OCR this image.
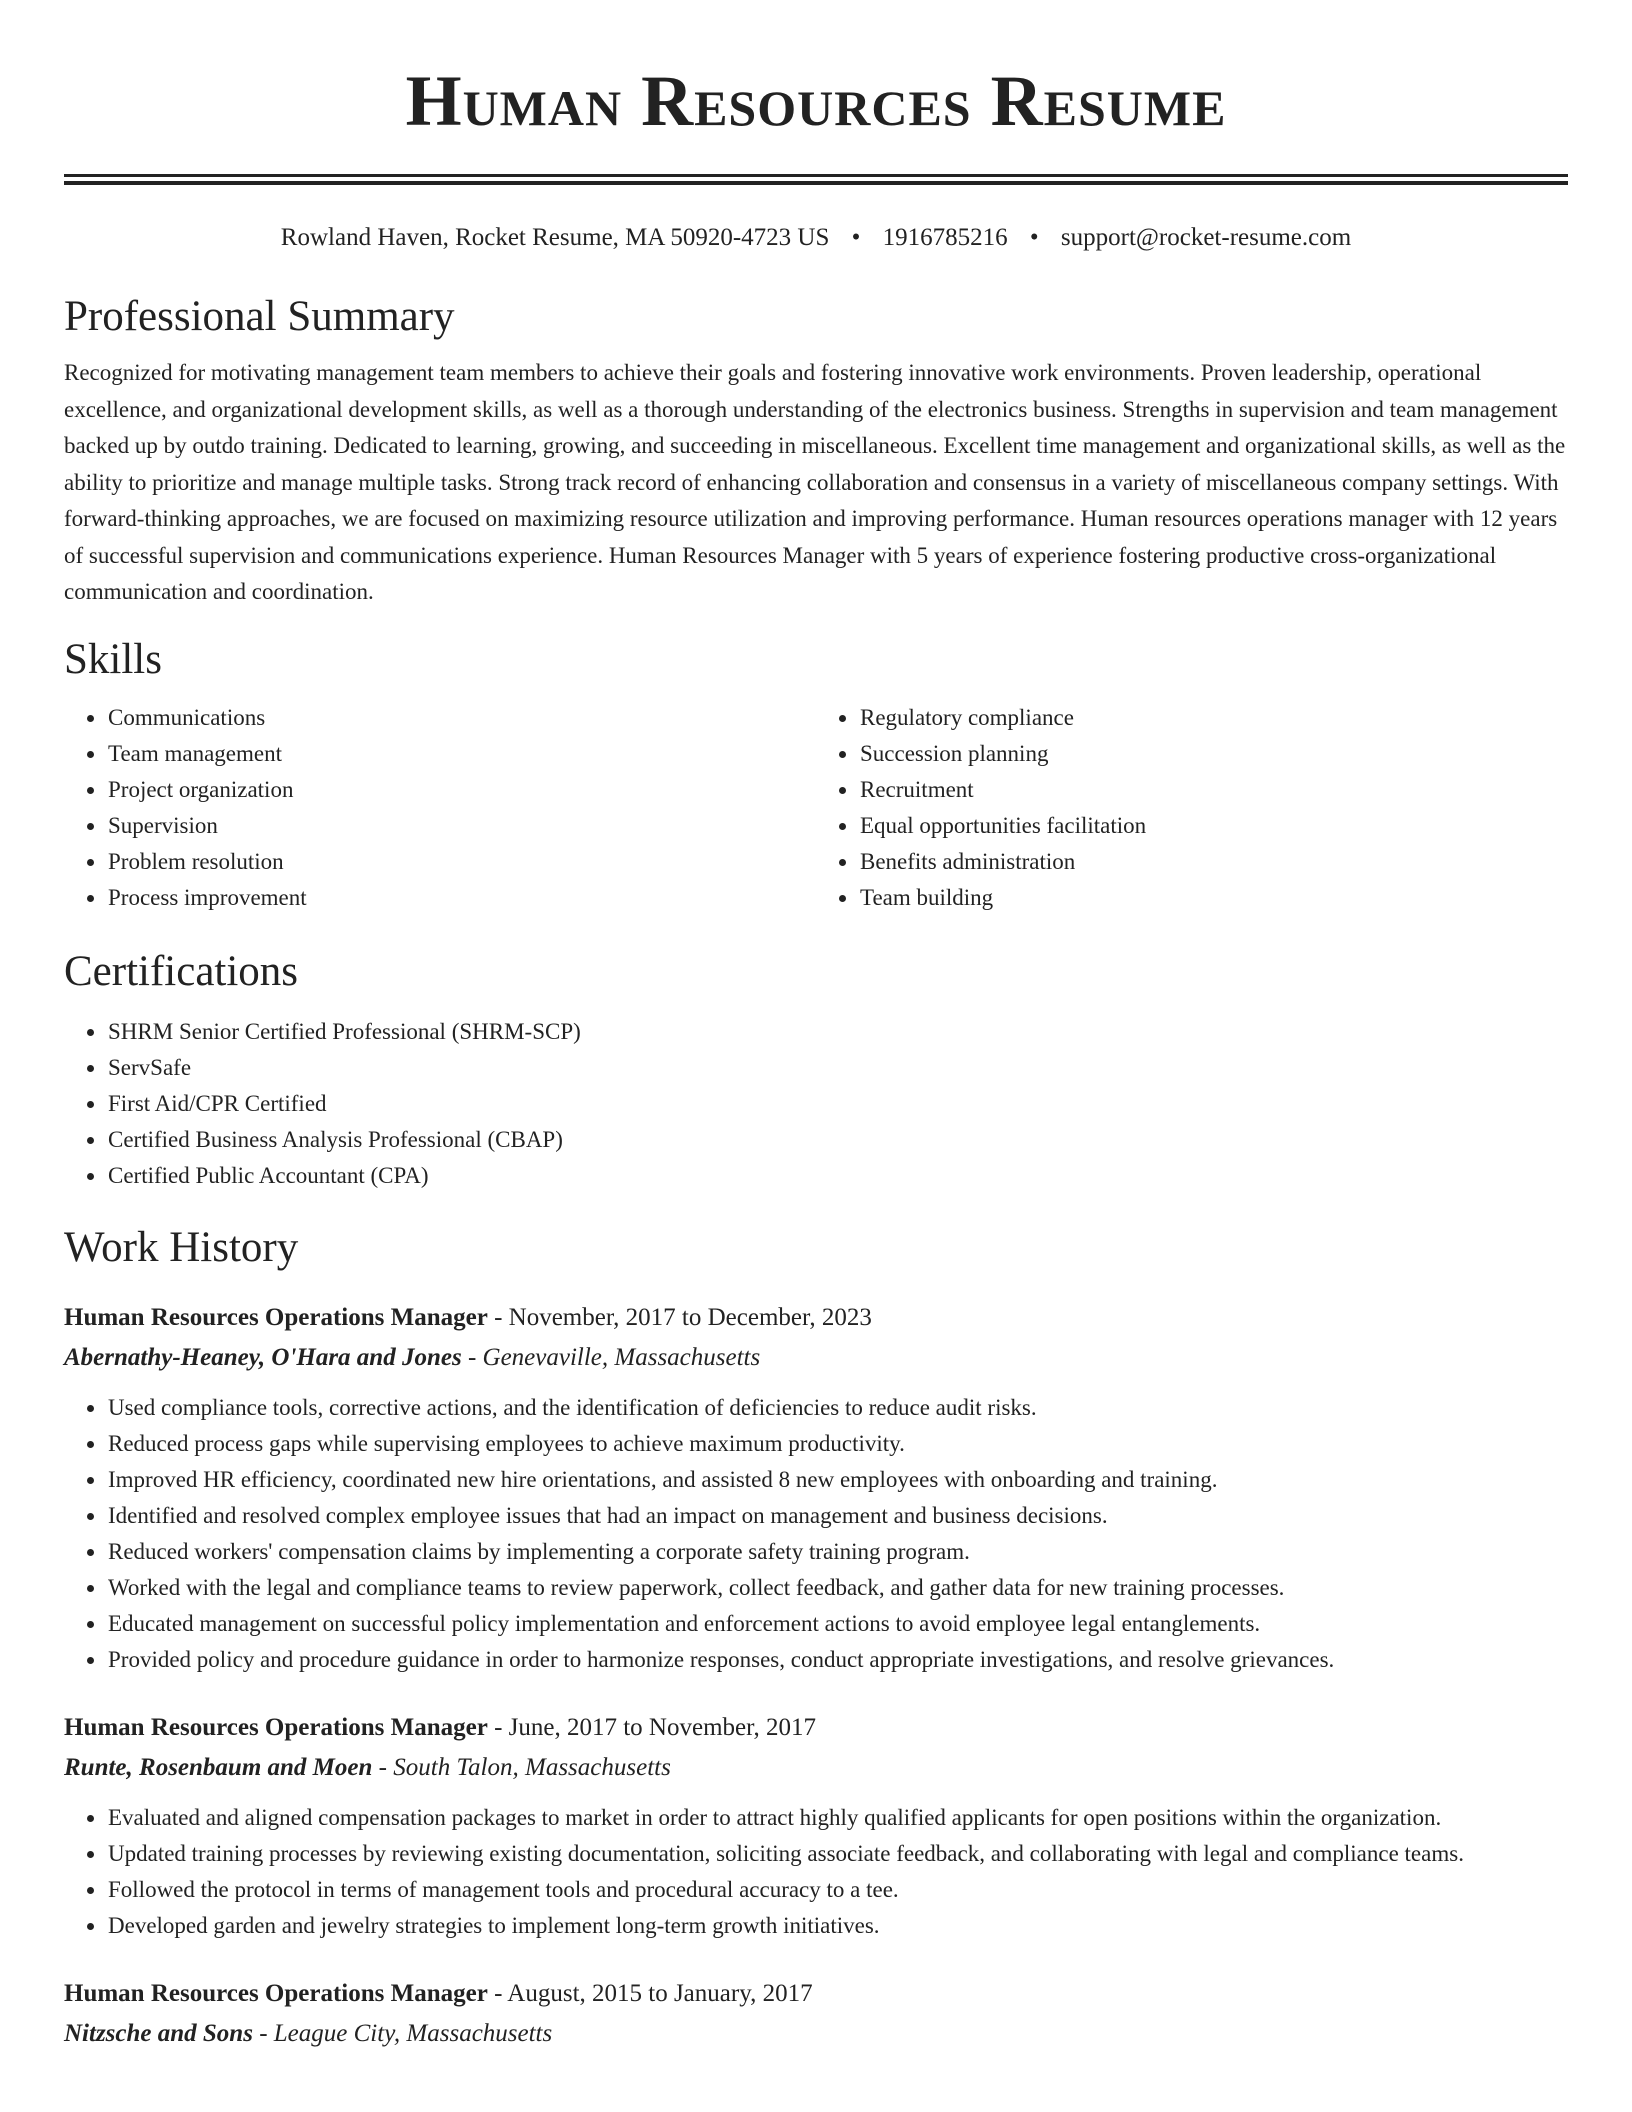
Human Resources Resume
Rowland Haven, Rocket Resume, MA 50920-4723 US • 1916785216 • support@rocket-resume.com
Professional Summary

Recognized for motivating management team members to achieve their goals and fostering innovative work environments. Proven leadership, operational excellence, and organizational development skills, as well as a thorough understanding of the electronics business. Strengths in supervision and team management backed up by outdo training. Dedicated to learning, growing, and succeeding in miscellaneous. Excellent time management and organizational skills, as well as the ability to prioritize and manage multiple tasks. Strong track record of enhancing collaboration and consensus in a variety of miscellaneous company settings. With forward-thinking approaches, we are focused on maximizing resource utilization and improving performance. Human resources operations manager with 12 years of successful supervision and communications experience. Human Resources Manager with 5 years of experience fostering productive cross-organizational communication and coordination.

Skills
• Communications
• Team management
• Project organization
• Supervision
• Problem resolution
• Process improvement
• Regulatory compliance
• Succession planning
• Recruitment
• Equal opportunities facilitation
• Benefits administration
• Team building
Certifications
• SHRM Senior Certified Professional (SHRM-SCP)
• ServSafe
• First Aid/CPR Certified
• Certified Business Analysis Professional (CBAP)
• Certified Public Accountant (CPA)
Work History
Human Resources Operations Manager - November, 2017 to December, 2023
Abernathy-Heaney, O'Hara and Jones - Genevaville, Massachusetts
• Used compliance tools, corrective actions, and the identification of deficiencies to reduce audit risks.
• Reduced process gaps while supervising employees to achieve maximum productivity.
• Improved HR efficiency, coordinated new hire orientations, and assisted 8 new employees with onboarding and training.
• Identified and resolved complex employee issues that had an impact on management and business decisions.
• Reduced workers' compensation claims by implementing a corporate safety training program.
• Worked with the legal and compliance teams to review paperwork, collect feedback, and gather data for new training processes.
• Educated management on successful policy implementation and enforcement actions to avoid employee legal entanglements.
• Provided policy and procedure guidance in order to harmonize responses, conduct appropriate investigations, and resolve grievances.
Human Resources Operations Manager - June, 2017 to November, 2017
Runte, Rosenbaum and Moen - South Talon, Massachusetts
• Evaluated and aligned compensation packages to market in order to attract highly qualified applicants for open positions within the organization.
• Updated training processes by reviewing existing documentation, soliciting associate feedback, and collaborating with legal and compliance teams.
• Followed the protocol in terms of management tools and procedural accuracy to a tee.
• Developed garden and jewelry strategies to implement long-term growth initiatives.
Human Resources Operations Manager - August, 2015 to January, 2017
Nitzsche and Sons - League City, Massachusetts
